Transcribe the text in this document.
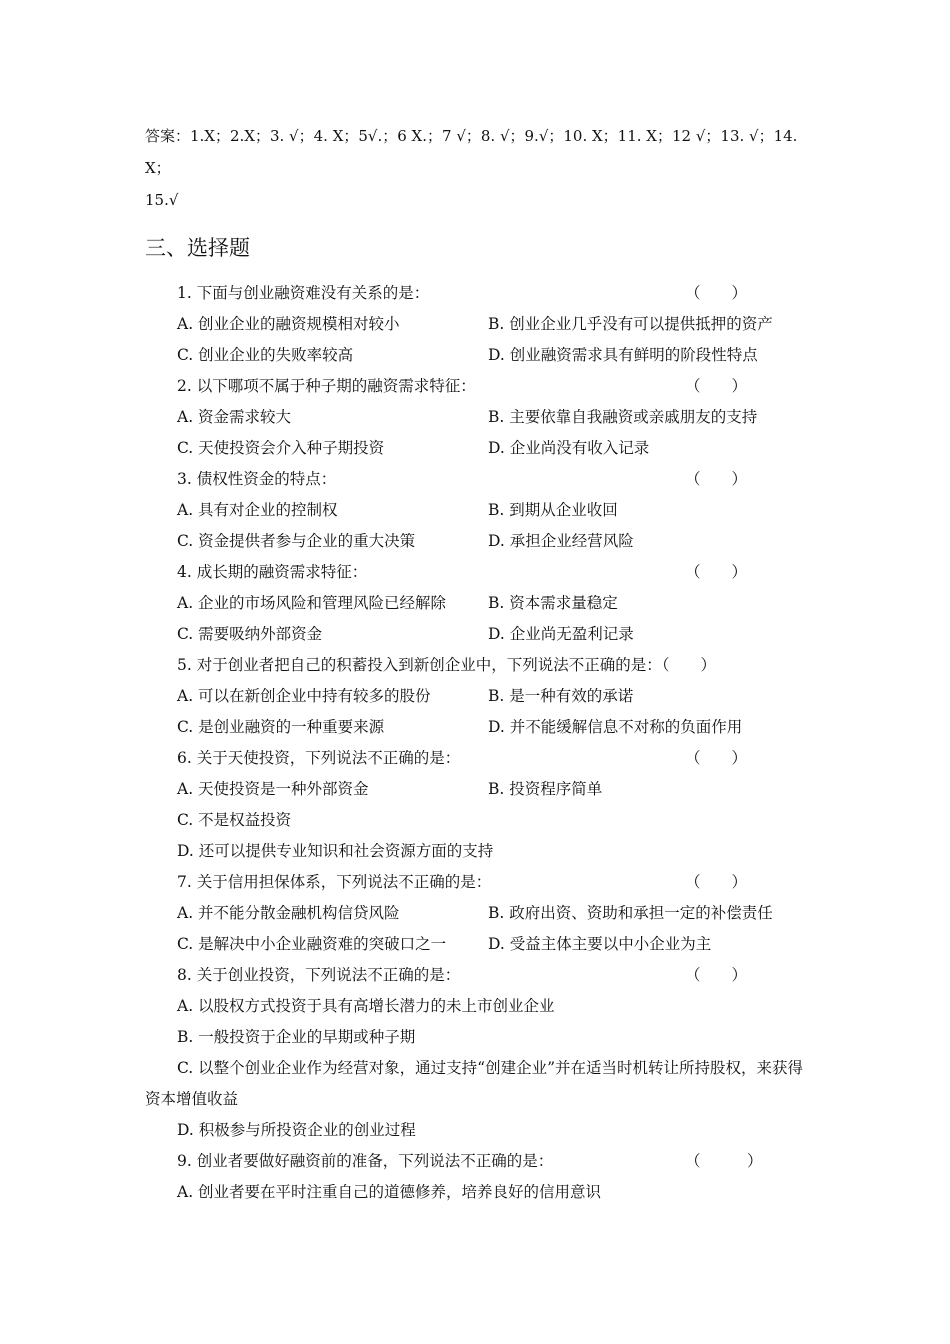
答案：1.X；2.X；3. √；4. X；5√.；6 X.；7 √；8. √；9.√；10. X；11. X；12 √；13. √；14. X；
15.√
三、选择题
1. 下面与创业融资难没有关系的是：	（　　）
A. 创业企业的融资规模相对较小	B. 创业企业几乎没有可以提供抵押的资产
C. 创业企业的失败率较高	D. 创业融资需求具有鲜明的阶段性特点
2. 以下哪项不属于种子期的融资需求特征：	（　　）
A. 资金需求较大	B. 主要依靠自我融资或亲戚朋友的支持
C. 天使投资会介入种子期投资	D. 企业尚没有收入记录
3. 债权性资金的特点：	（　　）
A. 具有对企业的控制权	B. 到期从企业收回
C. 资金提供者参与企业的重大决策	D. 承担企业经营风险
4. 成长期的融资需求特征：	（　　）
A. 企业的市场风险和管理风险已经解除	B. 资本需求量稳定
C. 需要吸纳外部资金	D. 企业尚无盈利记录
5. 对于创业者把自己的积蓄投入到新创企业中，下列说法不正确的是：（　　）
A. 可以在新创企业中持有较多的股份	B. 是一种有效的承诺
C. 是创业融资的一种重要来源	D. 并不能缓解信息不对称的负面作用
6. 关于天使投资，下列说法不正确的是：	（　　）
A. 天使投资是一种外部资金	B. 投资程序简单
C. 不是权益投资
D. 还可以提供专业知识和社会资源方面的支持
7. 关于信用担保体系，下列说法不正确的是：	（　　）
A. 并不能分散金融机构信贷风险	B. 政府出资、资助和承担一定的补偿责任
C. 是解决中小企业融资难的突破口之一	D. 受益主体主要以中小企业为主
8. 关于创业投资，下列说法不正确的是：	（　　）
A. 以股权方式投资于具有高增长潜力的未上市创业企业
B. 一般投资于企业的早期或种子期
C. 以整个创业企业作为经营对象，通过支持“创建企业”并在适当时机转让所持股权，来获得资本增值收益
D. 积极参与所投资企业的创业过程
9. 创业者要做好融资前的准备，下列说法不正确的是：	（　　　）
A. 创业者要在平时注重自己的道德修养，培养良好的信用意识
